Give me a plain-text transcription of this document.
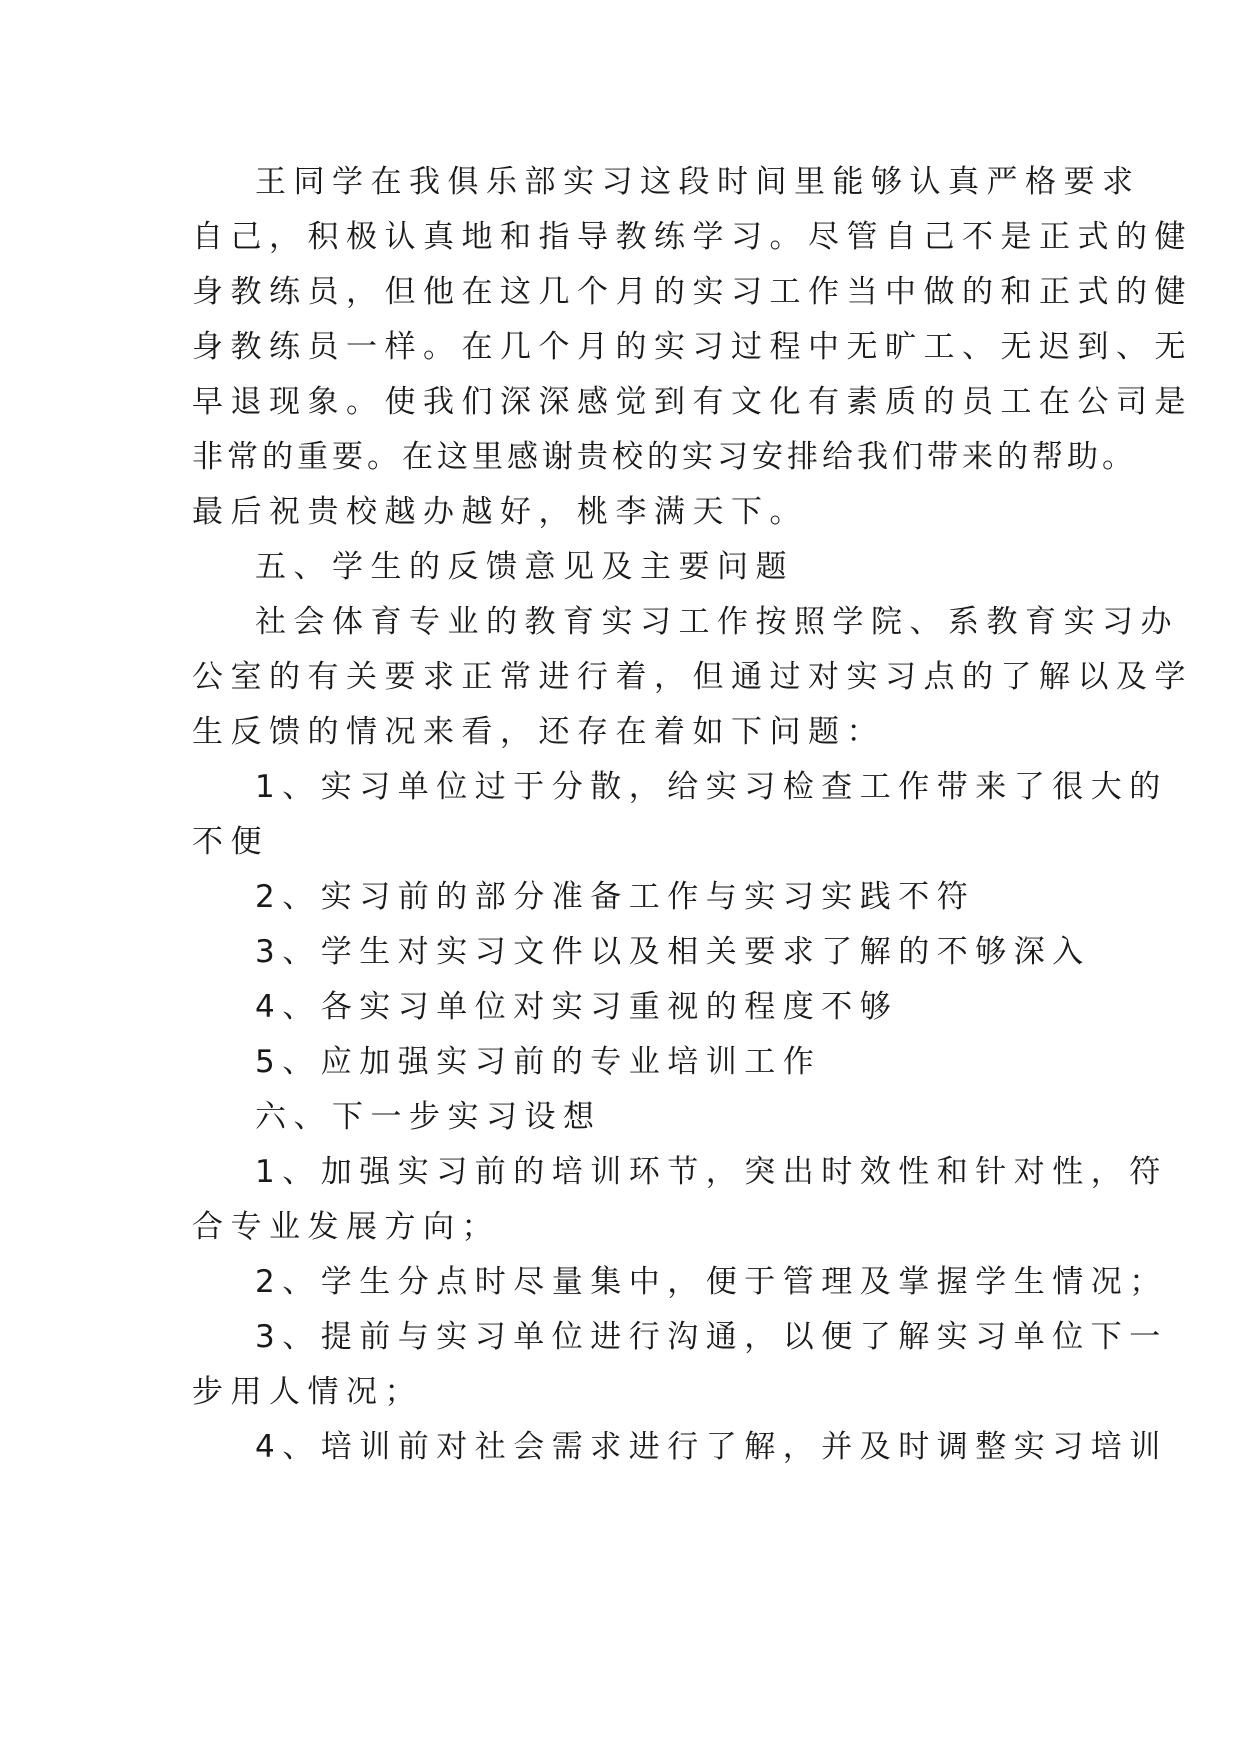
王同学在我俱乐部实习这段时间里能够认真严格要求
自己，积极认真地和指导教练学习。尽管自己不是正式的健
身教练员，但他在这几个月的实习工作当中做的和正式的健
身教练员一样。在几个月的实习过程中无旷工、无迟到、无
早退现象。使我们深深感觉到有文化有素质的员工在公司是
非常的重要。在这里感谢贵校的实习安排给我们带来的帮助。
最后祝贵校越办越好，桃李满天下。
五、学生的反馈意见及主要问题
社会体育专业的教育实习工作按照学院、系教育实习办
公室的有关要求正常进行着，但通过对实习点的了解以及学
生反馈的情况来看，还存在着如下问题：
1、实习单位过于分散，给实习检查工作带来了很大的
不便
2、实习前的部分准备工作与实习实践不符
3、学生对实习文件以及相关要求了解的不够深入
4、各实习单位对实习重视的程度不够
5、应加强实习前的专业培训工作
六、下一步实习设想
1、加强实习前的培训环节，突出时效性和针对性，符
合专业发展方向；
2、学生分点时尽量集中，便于管理及掌握学生情况；
3、提前与实习单位进行沟通，以便了解实习单位下一
步用人情况；
4、培训前对社会需求进行了解，并及时调整实习培训
